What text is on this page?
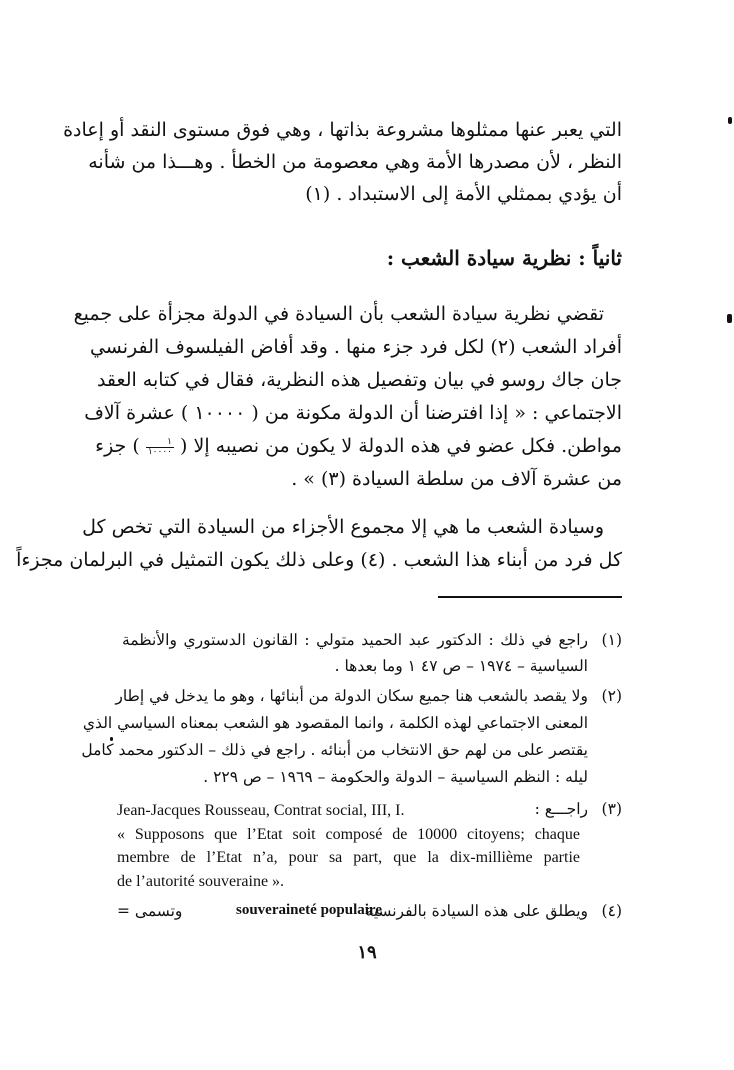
التي يعبر عنها ممثلوها مشروعة بذاتها ، وهي فوق مستوى النقد أو إعادة
النظر ، لأن مصدرها الأمة وهي معصومة من الخطأ . وهـــذا من شأنه
أن يؤدي بممثلي الأمة إلى الاستبداد . (١)
ثانياً : نظرية سيادة الشعب :
تقضي نظرية سيادة الشعب بأن السيادة في الدولة مجزأة على جميع
أفراد الشعب (٢) لكل فرد جزء منها . وقد أفاض الفيلسوف الفرنسي
جان جاك روسو في بيان وتفصيل هذه النظرية، فقال في كتابه العقد
الاجتماعي : « إذا افترضنا أن الدولة مكونة من ( ١٠٠٠٠ ) عشرة آلاف
مواطن. فكل عضو في هذه الدولة لا يكون من نصيبه إلا (
$\frac{١}{١٠٠٠٠}$
) جزء
من عشرة آلاف من سلطة السيادة (٣) » .
وسيادة الشعب ما هي إلا مجموع الأجزاء من السيادة التي تخص كل
كل فرد من أبناء هذا الشعب . (٤) وعلى ذلك يكون التمثيل في البرلمان مجزءاً
(١)
راجع في ذلك : الدكتور عبد الحميد متولي : القانون الدستوري والأنظمة
السياسية – ١٩٧٤ – ص ٤٧ ١ وما بعدها .
(٢)
ولا يقصد بالشعب هنا جميع سكان الدولة من أبنائها ، وهو ما يدخل في إطار
المعنى الاجتماعي لهذه الكلمة ، وانما المقصود هو الشعب بمعناه السياسي الذي
يقتصر على من لهم حق الانتخاب من أبنائه . راجع في ذلك – الدكتور محمد كامل
ليله : النظم السياسية – الدولة والحكومة – ١٩٦٩ – ص ٢٢٩ .
(٣)
راجـــع :
Jean-Jacques Rousseau, Contrat social, III, I.
« Supposons que l’Etat soit composé de 10000 citoyens; chaque
membre de l’Etat n’a, pour sa part, que la dix-millième partie
de l’autorité souveraine ».
(٤)
ويطلق على هذه السيادة بالفرنسية
souveraineté populaire
وتسمى =
١٩
